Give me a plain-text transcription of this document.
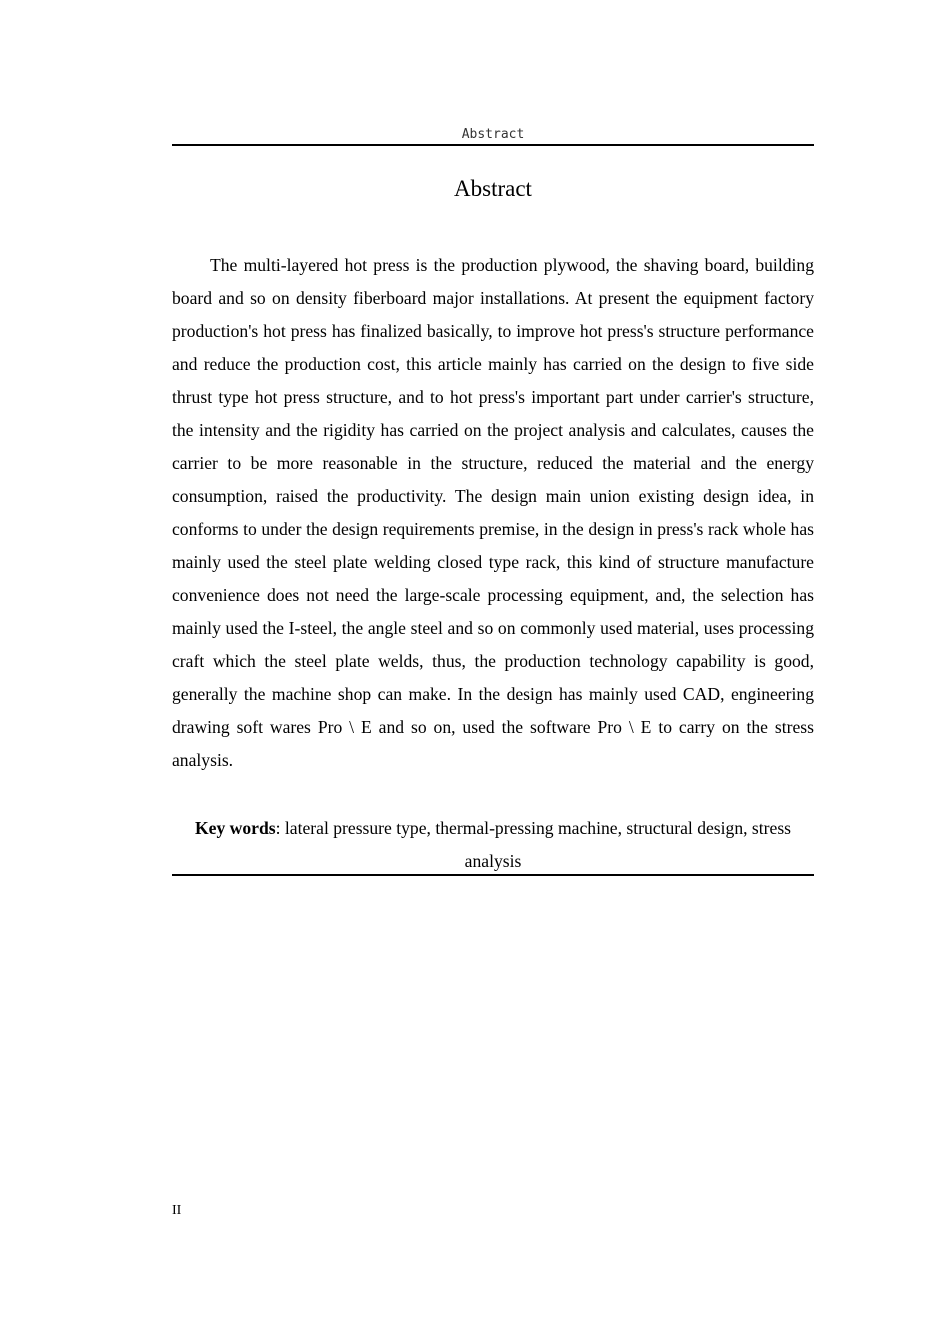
Abstract
Abstract

The multi-layered hot press is the production plywood, the shaving board, building board and so on density fiberboard major installations. At present the equipment factory production's hot press has finalized basically, to improve hot press's structure performance and reduce the production cost, this article mainly has carried on the design to five side thrust type hot press structure, and to hot press's important part under carrier's structure, the intensity and the rigidity has carried on the project analysis and calculates, causes the carrier to be more reasonable in the structure, reduced the material and the energy consumption, raised the productivity. The design main union existing design idea, in conforms to under the design requirements premise, in the design in press's rack whole has mainly used the steel plate welding closed type rack, this kind of structure manufacture convenience does not need the large-scale processing equipment, and, the selection has mainly used the I-steel, the angle steel and so on commonly used material, uses processing craft which the steel plate welds, thus, the production technology capability is good, generally the machine shop can make. In the design has mainly used CAD, engineering drawing soft wares Pro \ E and so on, used the software Pro \ E to carry on the stress analysis.

Key words: lateral pressure type, thermal-pressing machine, structural design, stress analysis
II
